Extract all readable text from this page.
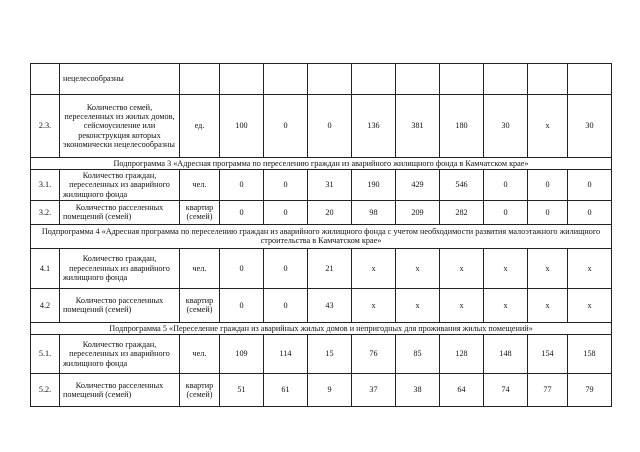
	нецелесообразны										
2.3.	Количество семей, переселенных из жилых домов, сейсмоусиление или реконструкция которых экономически нецелесообразны	ед.	100	0	0	136	381	180	30	х	30
Подпрограмма 3 «Адресная программа по переселению граждан из аварийного жилищного фонда в Камчатском крае»											
3.1.	Количество граждан, переселенных из аварийного жилищного фонда	чел.	0	0	31	190	429	546	0	0	0
3.2.	Количество расселенных помещений (семей)	квартир (семей)	0	0	20	98	209	282	0	0	0
Подпрограмма 4 «Адресная программа по переселению граждан из аварийного жилищного фонда с учетом необходимости развития малоэтажного жилищного строительства в Камчатском крае»											
4.1	Количество граждан, переселенных из аварийного жилищного фонда	чел.	0	0	21	х	х	х	х	х	х
4.2	Количество расселенных помещений (семей)	квартир (семей)	0	0	43	х	х	х	х	х	х
Подпрограмма 5 «Переселение граждан из аварийных жилых домов и непригодных для проживания жилых помещений»											
5.1.	Количество граждан, переселенных из аварийного жилищного фонда	чел.	109	114	15	76	85	128	148	154	158
5.2.	Количество расселенных помещений (семей)	квартир (семей)	51	61	9	37	38	64	74	77	79
